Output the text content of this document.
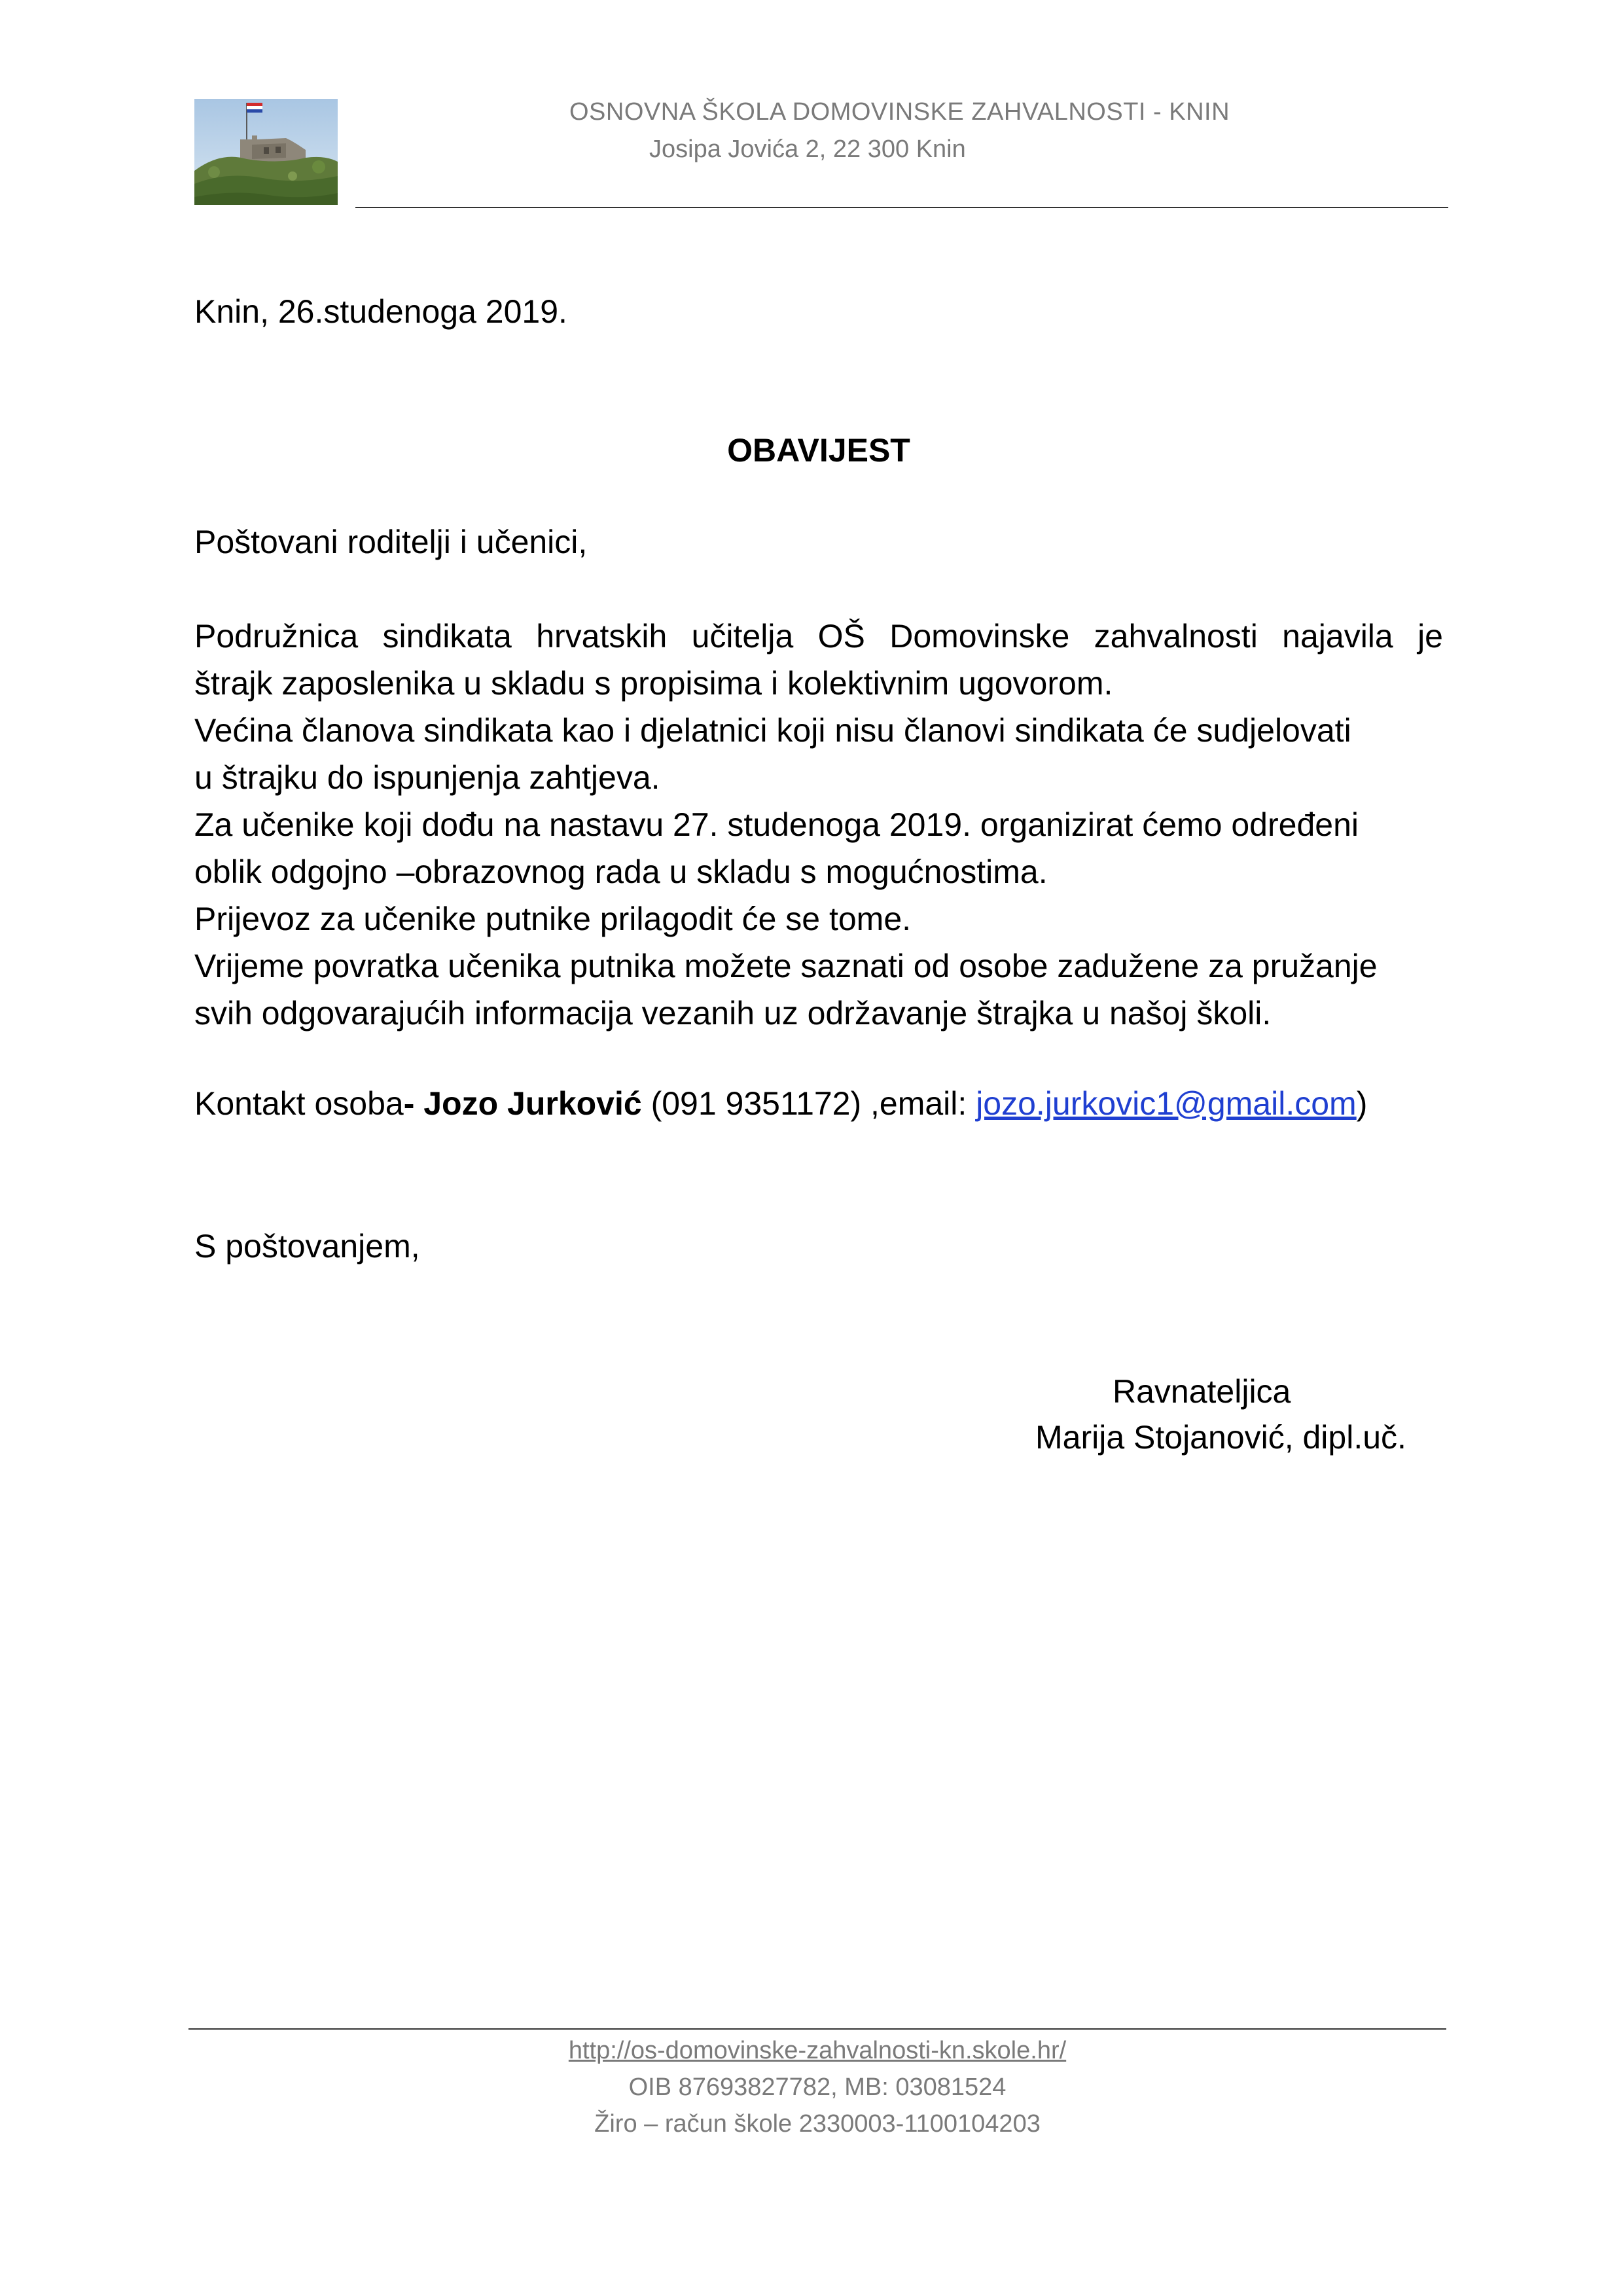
OSNOVNA ŠKOLA DOMOVINSKE ZAHVALNOSTI - KNIN
Josipa Jovića 2, 22 300 Knin
Knin, 26.studenoga 2019.
OBAVIJEST
Poštovani roditelji i učenici,
Podružnica sindikata hrvatskih učitelja OŠ Domovinske zahvalnosti najavila je
štrajk zaposlenika u skladu s propisima i kolektivnim ugovorom.
Većina članova sindikata kao i djelatnici koji nisu članovi sindikata će sudjelovati
u štrajku do ispunjenja zahtjeva.
Za učenike koji dođu na nastavu 27. studenoga 2019. organizirat ćemo određeni
oblik odgojno –obrazovnog rada u skladu s mogućnostima.
Prijevoz za učenike putnike prilagodit će se tome.
Vrijeme povratka učenika putnika možete saznati od osobe zadužene za pružanje
svih odgovarajućih informacija vezanih uz održavanje štrajka u našoj školi.
Kontakt osoba- Jozo Jurković (091 9351172) ,email: jozo.jurkovic1@gmail.com)
S poštovanjem,
Ravnateljica
Marija Stojanović, dipl.uč.
http://os-domovinske-zahvalnosti-kn.skole.hr/
OIB 87693827782, MB: 03081524
Žiro – račun škole 2330003-1100104203
